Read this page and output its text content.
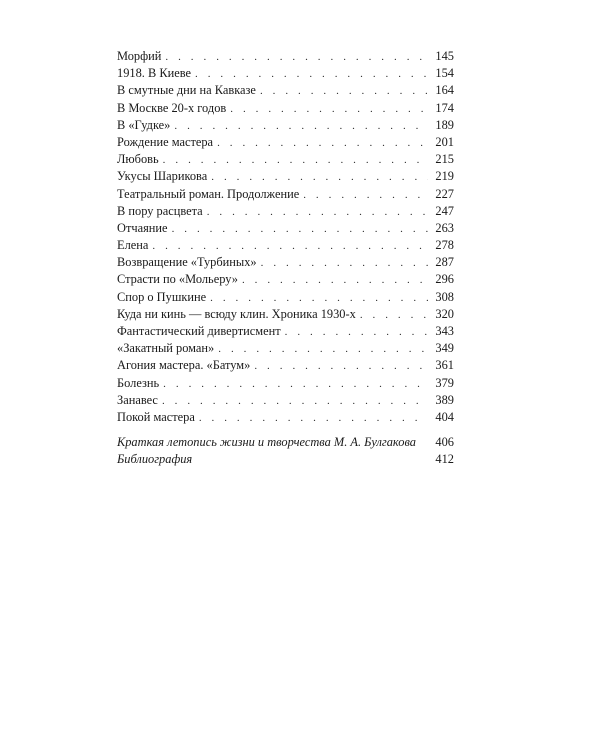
Морфий . . .	145
1918. В Киеве . . .	154
В смутные дни на Кавказе . . .	164
В Москве 20-х годов . . .	174
В «Гудке» . . .	189
Рождение мастера . . .	201
Любовь . . .	215
Укусы Шарикова . . .	219
Театральный роман. Продолжение . . .	227
В пору расцвета . . .	247
Отчаяние . . .	263
Елена . . .	278
Возвращение «Турбиных» . . .	287
Страсти по «Мольеру» . . .	296
Спор о Пушкине . . .	308
Куда ни кинь — всюду клин. Хроника 1930-х . . .	320
Фантастический дивертисмент . . .	343
«Закатный роман» . . .	349
Агония мастера. «Батум» . . .	361
Болезнь . . .	379
Занавес . . .	389
Покой мастера . . .	404
Краткая летопись жизни и творчества М. А. Булгакова	406
Библиография	412
